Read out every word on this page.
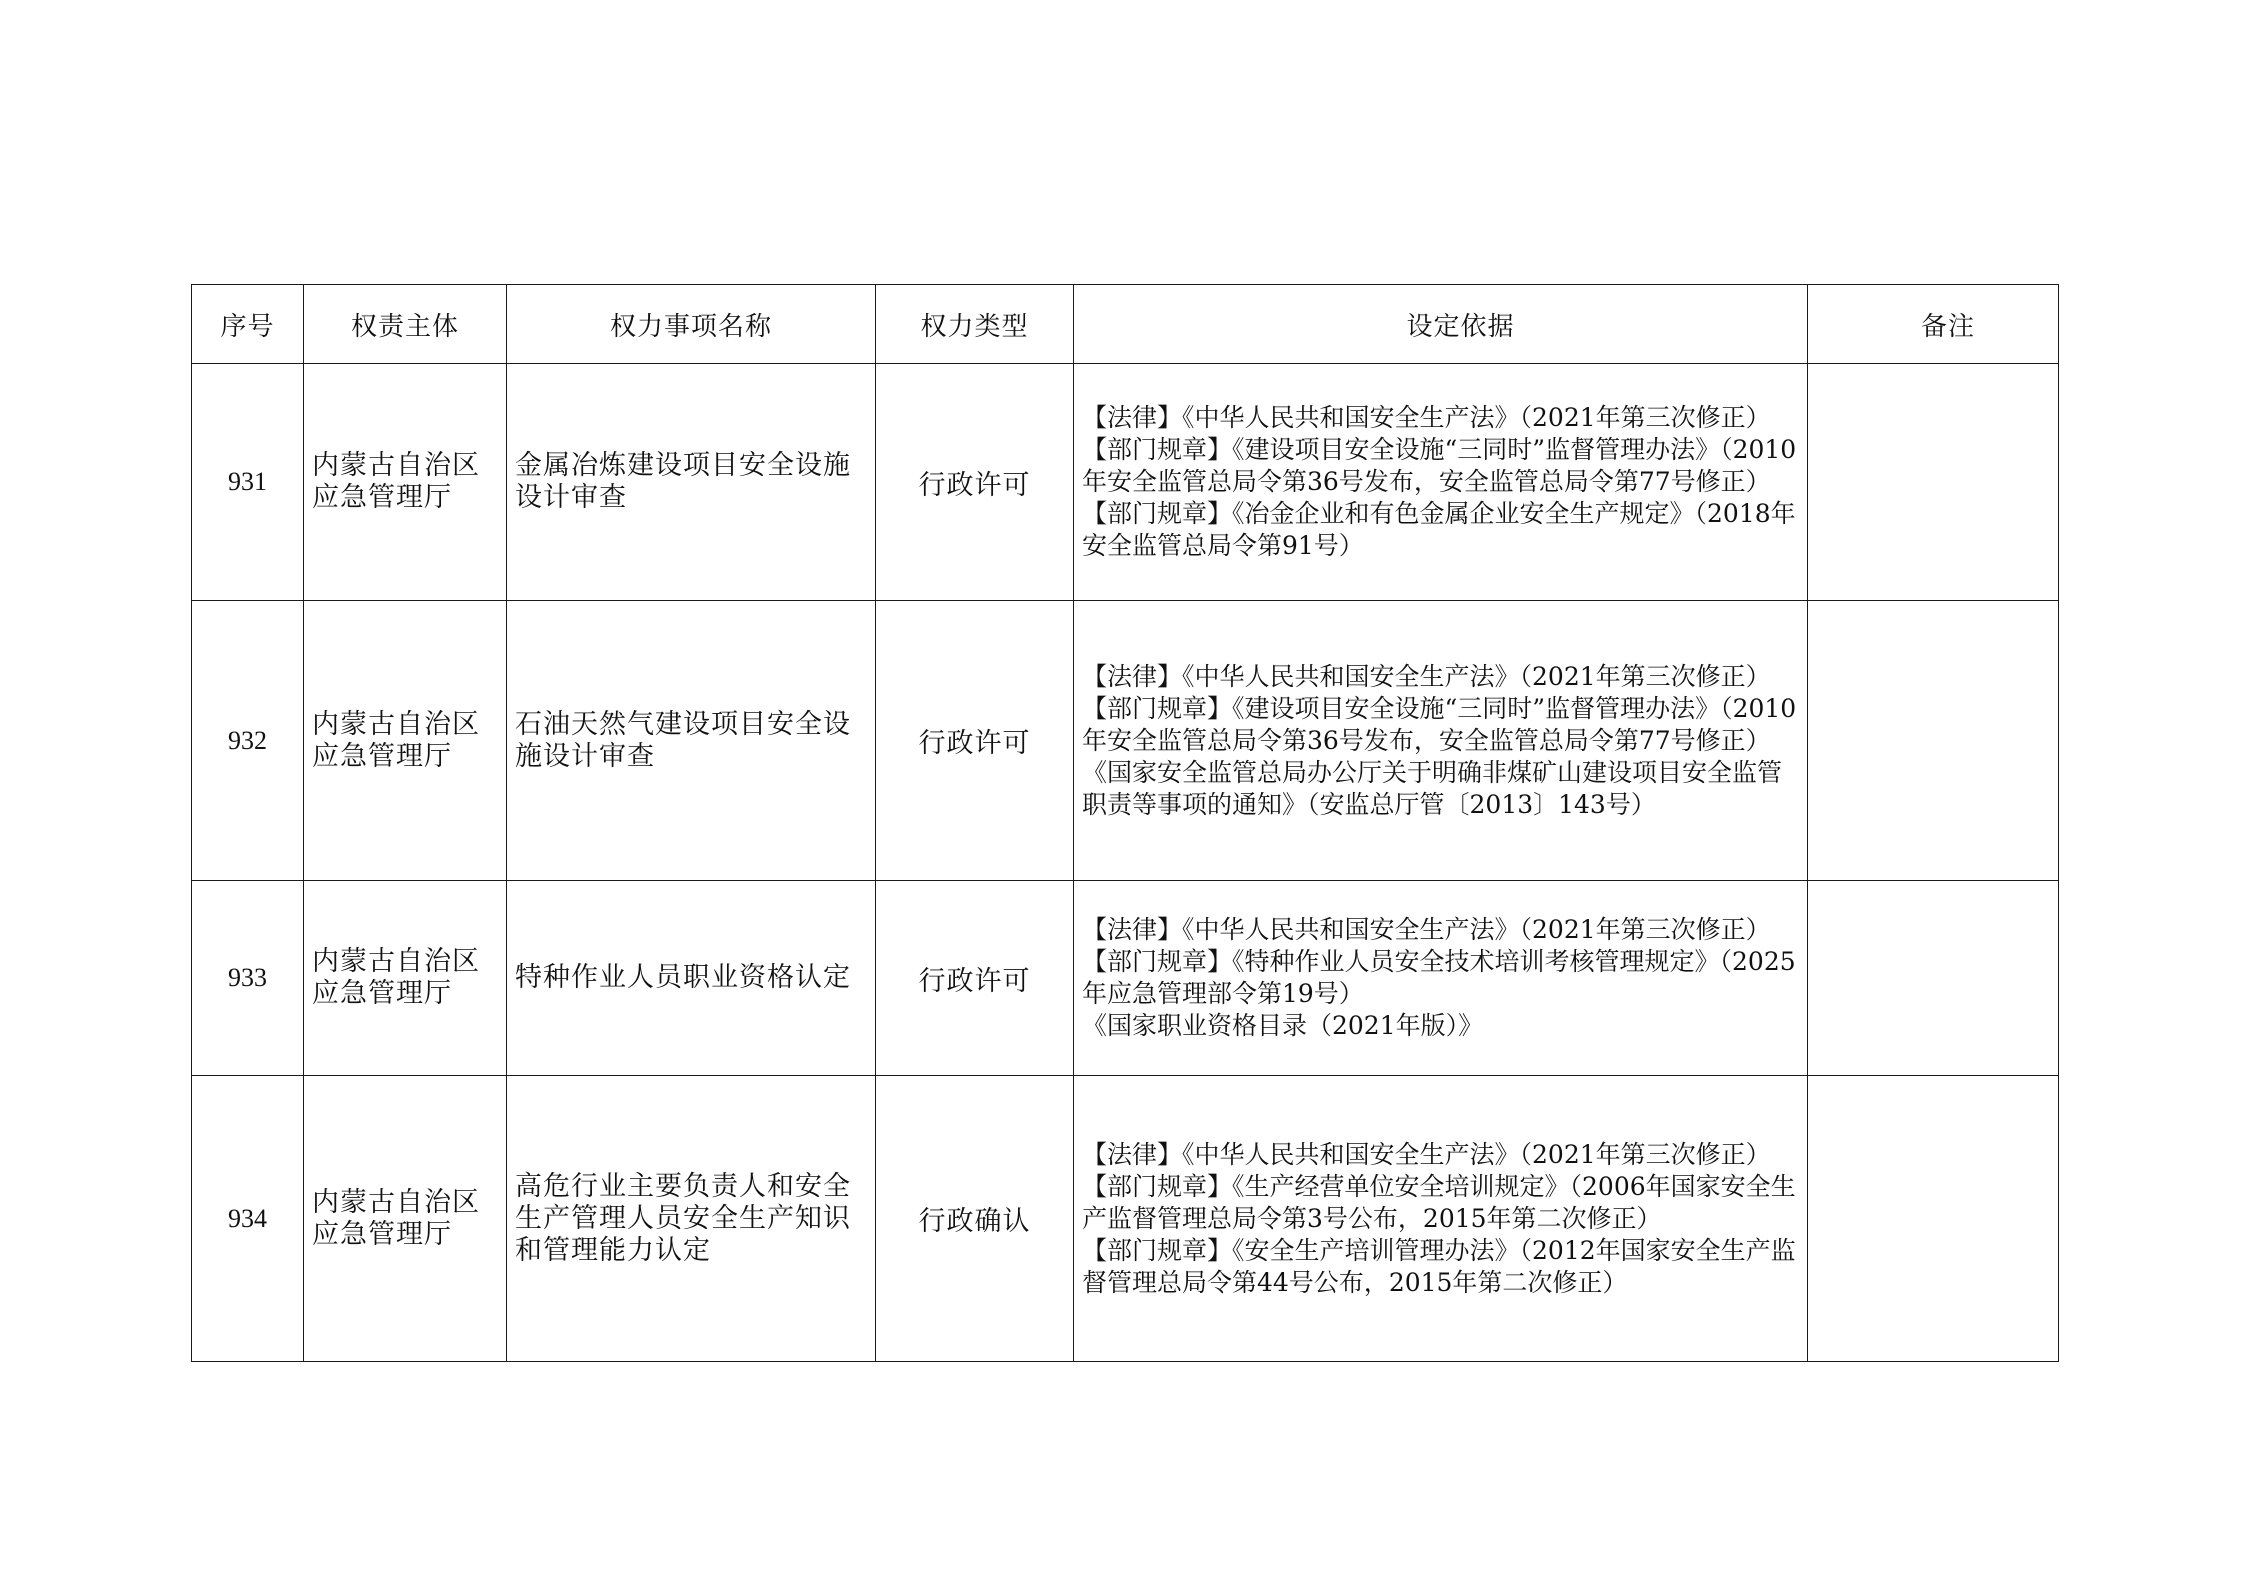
序号	权责主体	权力事项名称	权力类型	设定依据	备注
931	内蒙古自治区应急管理厅	金属冶炼建设项目安全设施设计审查	行政许可	【法律】《中华人民共和国安全生产法》（2021年第三次修正）
【部门规章】《建设项目安全设施“三同时”监督管理办法》（2010年安全监管总局令第36号发布，安全监管总局令第77号修正）
【部门规章】《冶金企业和有色金属企业安全生产规定》（2018年安全监管总局令第91号）	

932	内蒙古自治区应急管理厅	石油天然气建设项目安全设施设计审查	行政许可	【法律】《中华人民共和国安全生产法》（2021年第三次修正）
【部门规章】《建设项目安全设施“三同时”监督管理办法》（2010年安全监管总局令第36号发布，安全监管总局令第77号修正）
《国家安全监管总局办公厅关于明确非煤矿山建设项目安全监管职责等事项的通知》（安监总厅管〔2013〕143号）	

933	内蒙古自治区应急管理厅	特种作业人员职业资格认定	行政许可	【法律】《中华人民共和国安全生产法》（2021年第三次修正）
【部门规章】《特种作业人员安全技术培训考核管理规定》（2025年应急管理部令第19号）
《国家职业资格目录（2021年版）》	

934	内蒙古自治区应急管理厅	高危行业主要负责人和安全生产管理人员安全生产知识和管理能力认定	行政确认	【法律】《中华人民共和国安全生产法》（2021年第三次修正）
【部门规章】《生产经营单位安全培训规定》（2006年国家安全生产监督管理总局令第3号公布，2015年第二次修正）
【部门规章】《安全生产培训管理办法》（2012年国家安全生产监督管理总局令第44号公布，2015年第二次修正）	
